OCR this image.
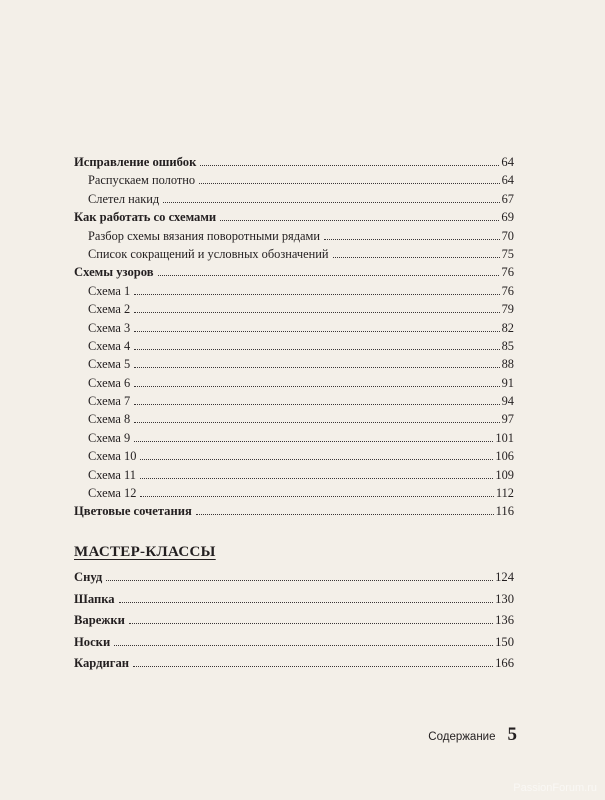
Исправление ошибок	64
Распускаем полотно	64
Слетел накид	67
Как работать со схемами	69
Разбор схемы вязания поворотными рядами	70
Список сокращений и условных обозначений	75
Схемы узоров	76
Схема 1	76
Схема 2	79
Схема 3	82
Схема 4	85
Схема 5	88
Схема 6	91
Схема 7	94
Схема 8	97
Схема 9	101
Схема 10	106
Схема 11	109
Схема 12	112
Цветовые сочетания	116
МАСТЕР-КЛАССЫ
Снуд	124
Шапка	130
Варежки	136
Носки	150
Кардиган	166
Содержание 5
PassionForum.ru
